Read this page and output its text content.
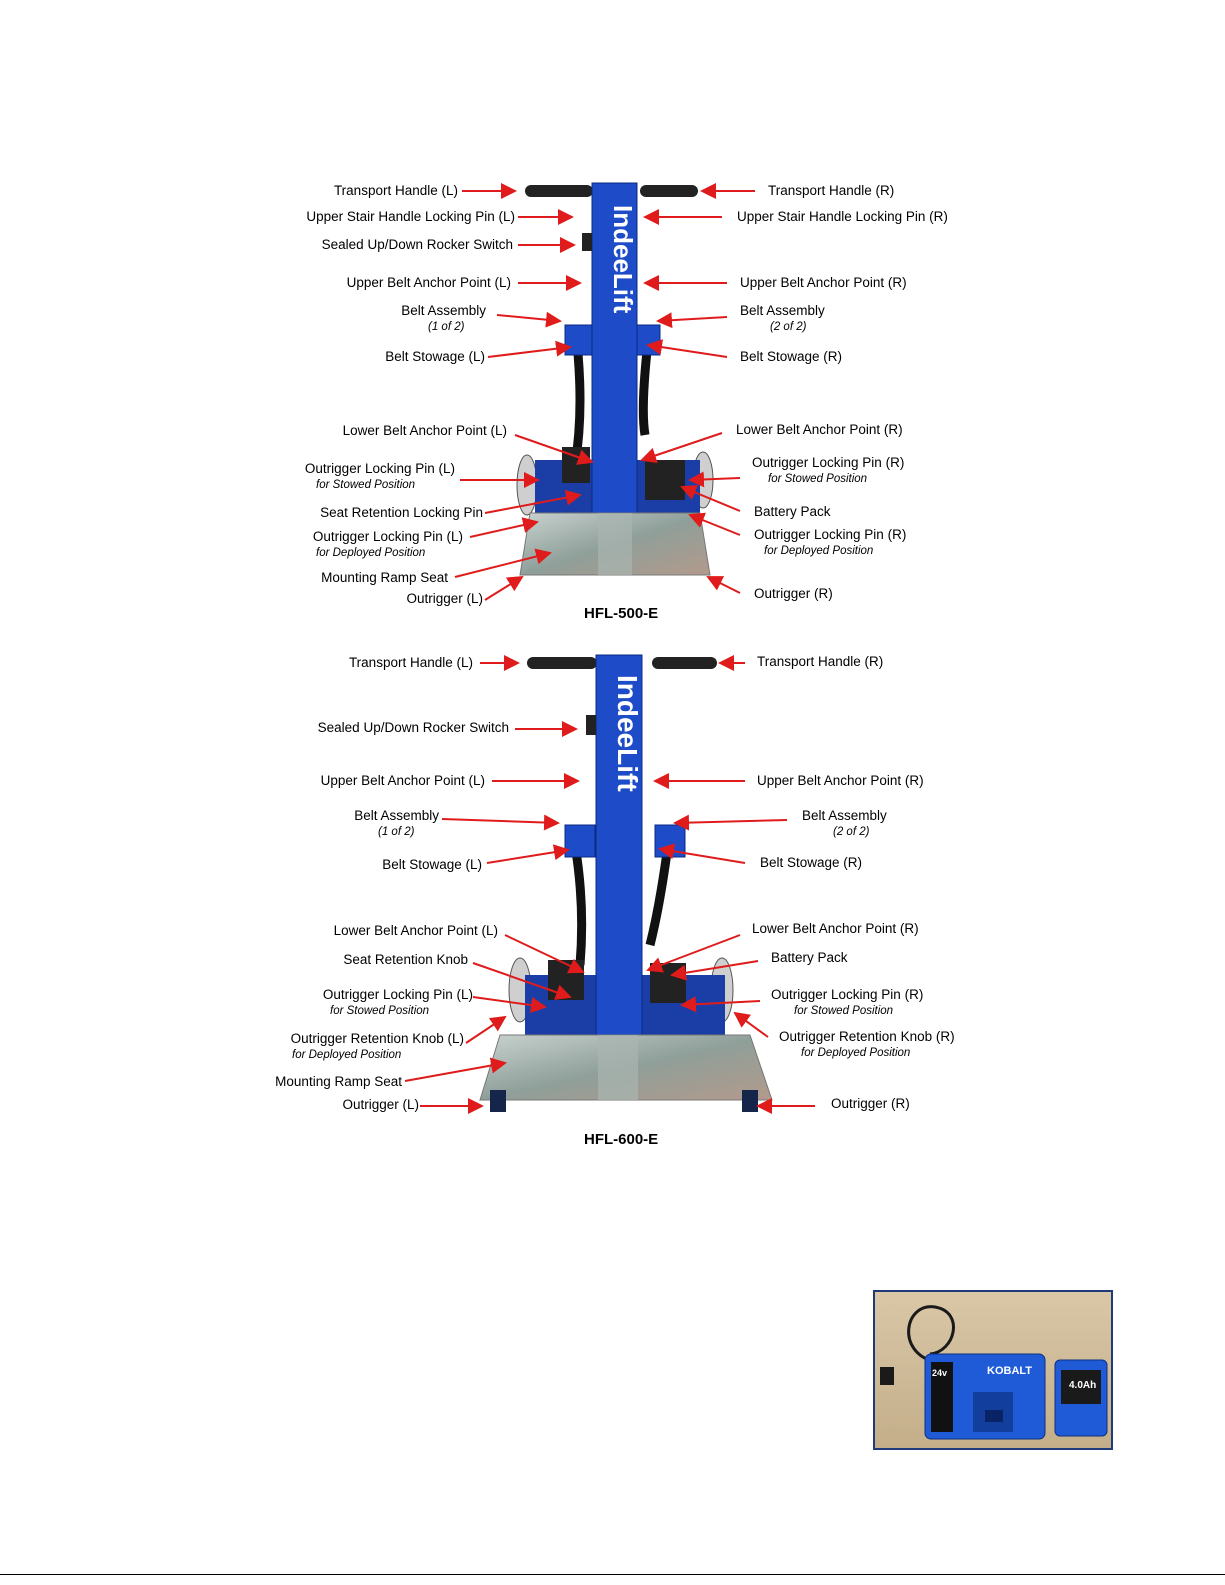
IndeeLift
Transport Handle (L)
Upper Stair Handle Locking Pin (L)
Sealed Up/Down Rocker Switch
Upper Belt Anchor Point (L)
Belt Assembly
(1 of 2)
Belt Stowage (L)
Lower Belt Anchor Point (L)
Outrigger Locking Pin (L)
for Stowed Position
Seat Retention Locking Pin
Outrigger Locking Pin (L)
for Deployed Position
Mounting Ramp Seat
Outrigger (L)
Transport Handle (R)
Upper Stair Handle Locking Pin (R)
Upper Belt Anchor Point (R)
Belt Assembly
(2 of 2)
Belt Stowage (R)
Lower Belt Anchor Point (R)
Outrigger Locking Pin (R)
for Stowed Position
Battery Pack
Outrigger Locking Pin (R)
for Deployed Position
Outrigger (R)
HFL-500-E
IndeeLift
Transport Handle (L)
Sealed Up/Down Rocker Switch
Upper Belt Anchor Point (L)
Belt Assembly
(1 of 2)
Belt Stowage (L)
Lower Belt Anchor Point (L)
Seat Retention Knob
Outrigger Locking Pin (L)
for Stowed Position
Outrigger Retention Knob (L)
for Deployed Position
Mounting Ramp Seat
Outrigger (L)
Transport Handle (R)
Upper Belt Anchor Point (R)
Belt Assembly
(2 of 2)
Belt Stowage (R)
Lower Belt Anchor Point (R)
Battery Pack
Outrigger Locking Pin (R)
for Stowed Position
Outrigger Retention Knob (R)
for Deployed Position
Outrigger (R)
HFL-600-E
24v	KOBALT
4.0Ah
